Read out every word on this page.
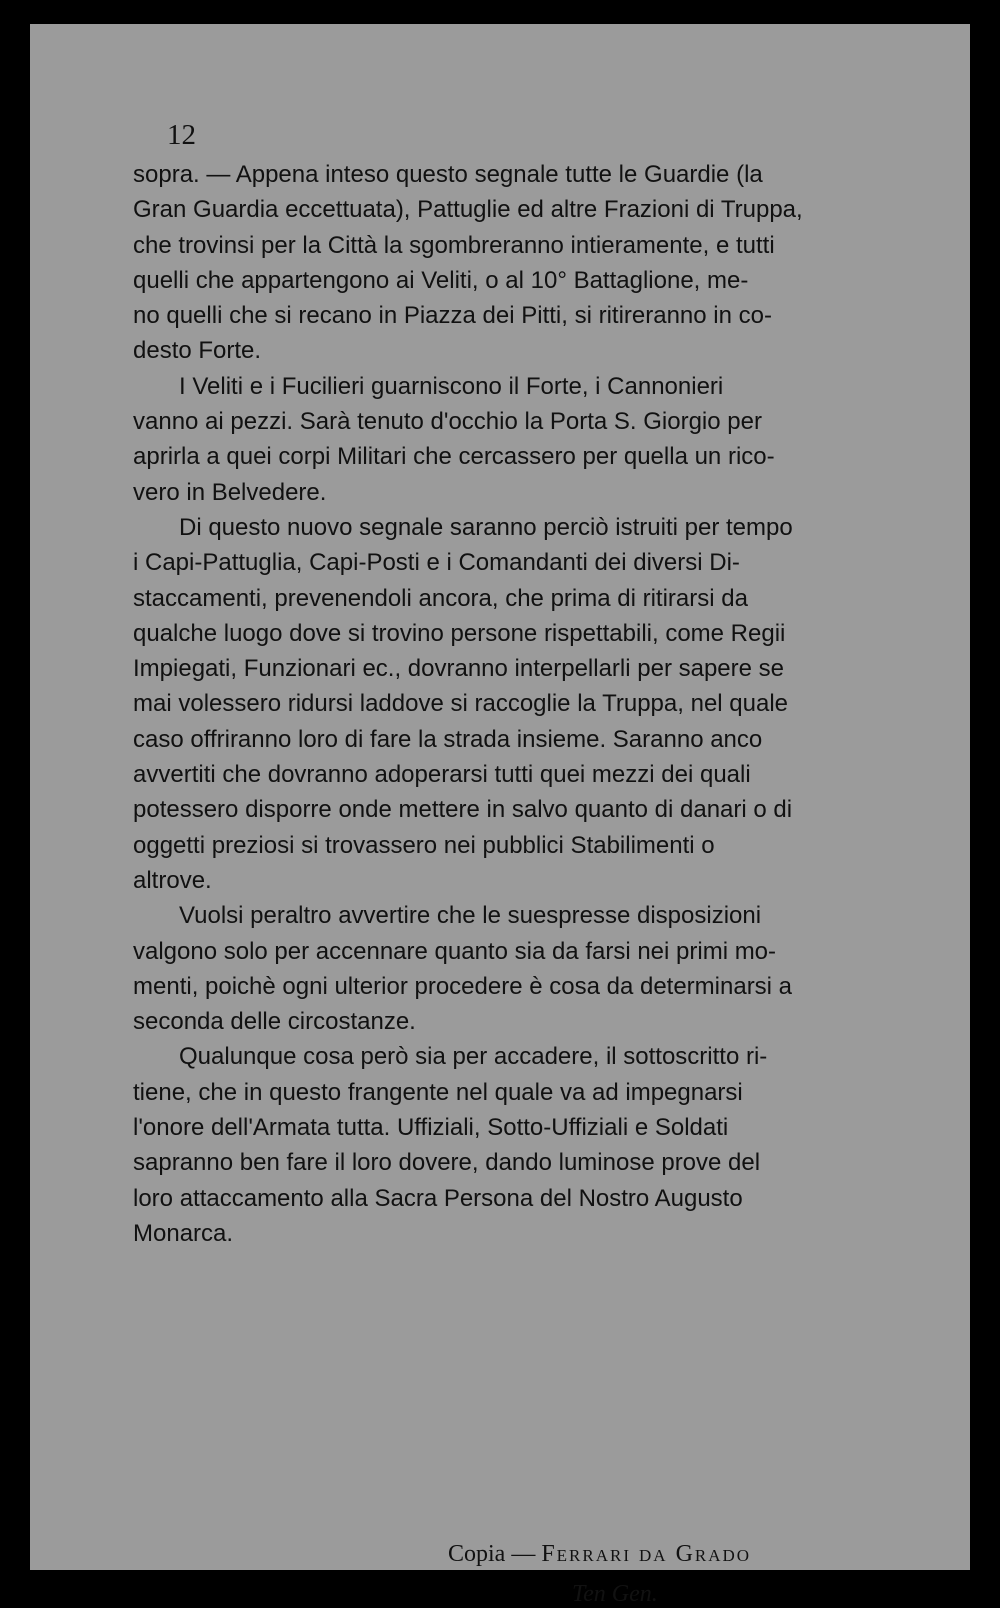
12
sopra. — Appena inteso questo segnale tutte le Guardie (la
Gran Guardia eccettuata), Pattuglie ed altre Frazioni di Truppa,
che trovinsi per la Città la sgombreranno intieramente, e tutti
quelli che appartengono ai Veliti, o al 10° Battaglione, me-
no quelli che si recano in Piazza dei Pitti, si ritireranno in co-
desto Forte.
I Veliti e i Fucilieri guarniscono il Forte, i Cannonieri
vanno ai pezzi. Sarà tenuto d'occhio la Porta S. Giorgio per
aprirla a quei corpi Militari che cercassero per quella un rico-
vero in Belvedere.
Di questo nuovo segnale saranno perciò istruiti per tempo
i Capi-Pattuglia, Capi-Posti e i Comandanti dei diversi Di-
staccamenti, prevenendoli ancora, che prima di ritirarsi da
qualche luogo dove si trovino persone rispettabili, come Regii
Impiegati, Funzionari ec., dovranno interpellarli per sapere se
mai volessero ridursi laddove si raccoglie la Truppa, nel quale
caso offriranno loro di fare la strada insieme. Saranno anco
avvertiti che dovranno adoperarsi tutti quei mezzi dei quali
potessero disporre onde mettere in salvo quanto di danari o di
oggetti preziosi si trovassero nei pubblici Stabilimenti o
altrove.
Vuolsi peraltro avvertire che le suespresse disposizioni
valgono solo per accennare quanto sia da farsi nei primi mo-
menti, poichè ogni ulterior procedere è cosa da determinarsi a
seconda delle circostanze.
Qualunque cosa però sia per accadere, il sottoscritto ri-
tiene, che in questo frangente nel quale va ad impegnarsi
l'onore dell'Armata tutta. Uffiziali, Sotto-Uffiziali e Soldati
sapranno ben fare il loro dovere, dando luminose prove del
loro attaccamento alla Sacra Persona del Nostro Augusto
Monarca.
Copia — Ferrari da Grado
Ten Gen.
